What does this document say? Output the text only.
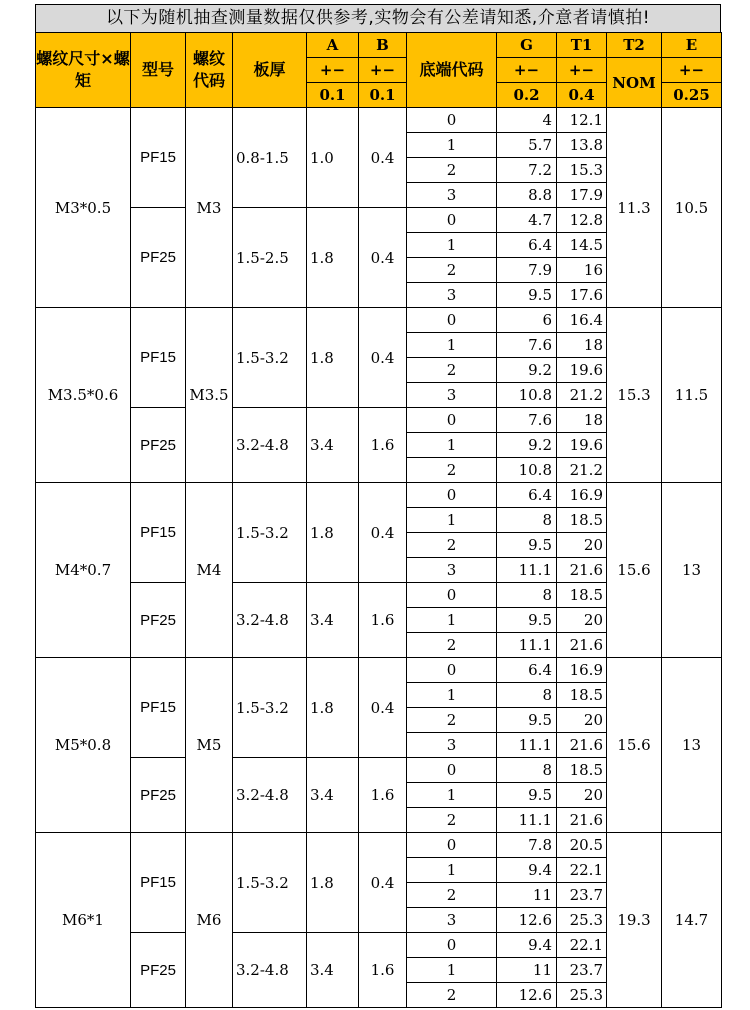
以下为随机抽查测量数据仅供参考,实物会有公差请知悉,介意者请慎拍!
螺纹尺寸×螺矩	型号	螺纹代码	板厚	A	B	底端代码	G	T1	T2	E
				+−	+−		+−	+−	NOM	+−
				0.1	0.1		0.2	0.4		0.25
M3*0.5	PF15	M3	0.8-1.5	1.0	0.4	0	4	12.1	11.3	10.5
						1	5.7	13.8		
						2	7.2	15.3		
						3	8.8	17.9		
	PF25		1.5-2.5	1.8	0.4	0	4.7	12.8		
						1	6.4	14.5		
						2	7.9	16		
						3	9.5	17.6		
M3.5*0.6	PF15	M3.5	1.5-3.2	1.8	0.4	0	6	16.4	15.3	11.5
						1	7.6	18		
						2	9.2	19.6		
						3	10.8	21.2		
	PF25		3.2-4.8	3.4	1.6	0	7.6	18		
						1	9.2	19.6		
						2	10.8	21.2		
M4*0.7	PF15	M4	1.5-3.2	1.8	0.4	0	6.4	16.9	15.6	13
						1	8	18.5		
						2	9.5	20		
						3	11.1	21.6		
	PF25		3.2-4.8	3.4	1.6	0	8	18.5		
						1	9.5	20		
						2	11.1	21.6		
M5*0.8	PF15	M5	1.5-3.2	1.8	0.4	0	6.4	16.9	15.6	13
						1	8	18.5		
						2	9.5	20		
						3	11.1	21.6		
	PF25		3.2-4.8	3.4	1.6	0	8	18.5		
						1	9.5	20		
						2	11.1	21.6		
M6*1	PF15	M6	1.5-3.2	1.8	0.4	0	7.8	20.5	19.3	14.7
						1	9.4	22.1		
						2	11	23.7		
						3	12.6	25.3		
	PF25		3.2-4.8	3.4	1.6	0	9.4	22.1		
						1	11	23.7		
						2	12.6	25.3		
